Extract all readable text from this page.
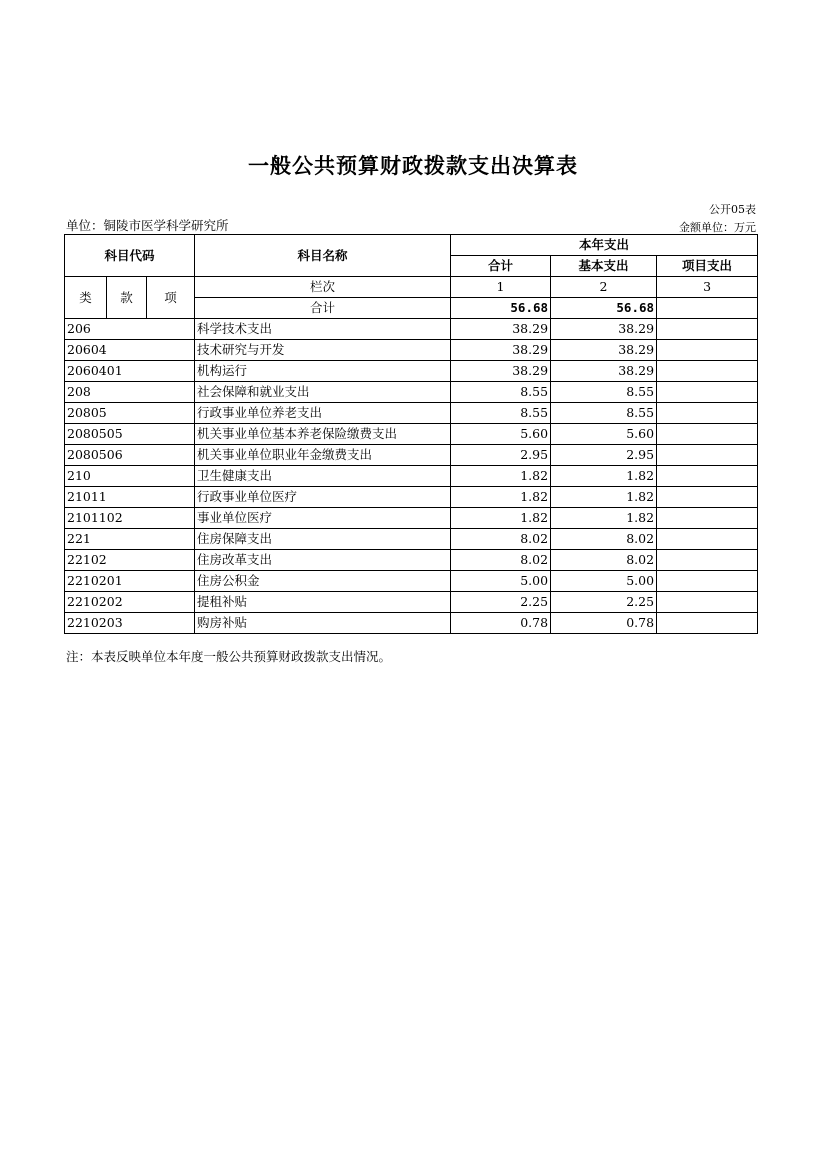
一般公共预算财政拨款支出决算表
公开05表
单位：铜陵市医学科学研究所	金额单位：万元
科目代码			科目名称	本年支出		
				合计	基本支出	项目支出
类	款	项	栏次	1	2	3
			合计	56.68	56.68	
206			科学技术支出	38.29	38.29	
20604			技术研究与开发	38.29	38.29	
2060401			机构运行	38.29	38.29	
208			社会保障和就业支出	8.55	8.55	
20805			行政事业单位养老支出	8.55	8.55	
2080505			机关事业单位基本养老保险缴费支出	5.60	5.60	
2080506			机关事业单位职业年金缴费支出	2.95	2.95	
210			卫生健康支出	1.82	1.82	
21011			行政事业单位医疗	1.82	1.82	
2101102			事业单位医疗	1.82	1.82	
221			住房保障支出	8.02	8.02	
22102			住房改革支出	8.02	8.02	
2210201			住房公积金	5.00	5.00	
2210202			提租补贴	2.25	2.25	
2210203			购房补贴	0.78	0.78	
注：本表反映单位本年度一般公共预算财政拨款支出情况。
